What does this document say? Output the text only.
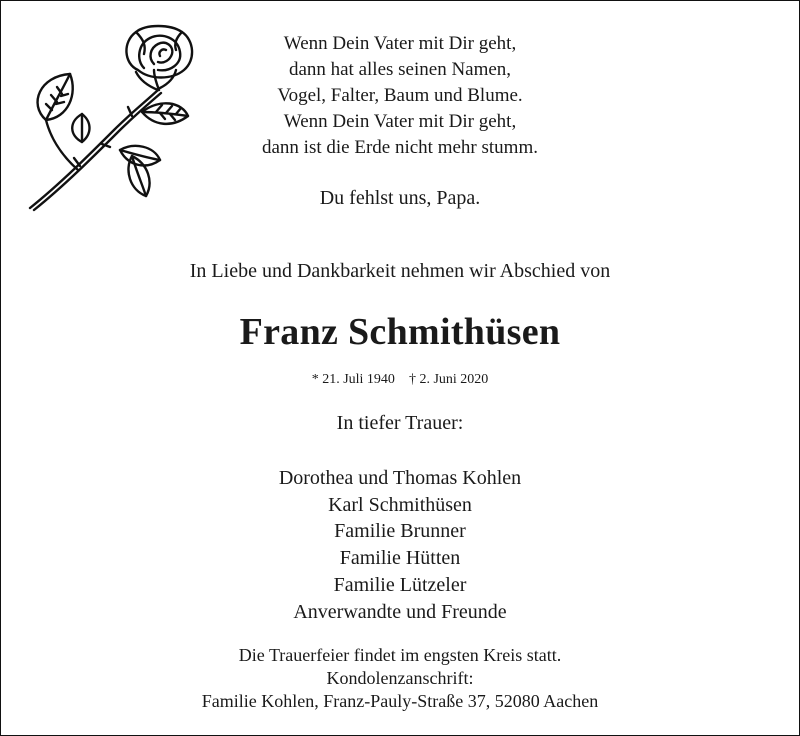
Wenn Dein Vater mit Dir geht,
dann hat alles seinen Namen,
Vogel, Falter, Baum und Blume.
Wenn Dein Vater mit Dir geht,
dann ist die Erde nicht mehr stumm.
Du fehlst uns, Papa.
In Liebe und Dankbarkeit nehmen wir Abschied von
Franz Schmithüsen
* 21. Juli 1940 † 2. Juni 2020
In tiefer Trauer:
Dorothea und Thomas Kohlen
Karl Schmithüsen
Familie Brunner
Familie Hütten
Familie Lützeler
Anverwandte und Freunde
Die Trauerfeier findet im engsten Kreis statt.
Kondolenzanschrift:
Familie Kohlen, Franz-Pauly-Straße 37, 52080 Aachen
